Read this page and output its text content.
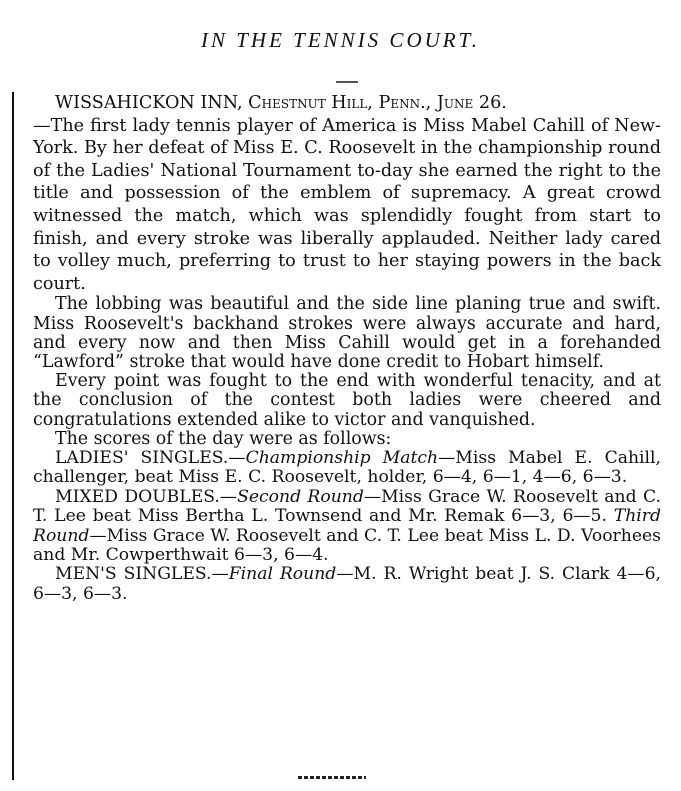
IN THE TENNIS COURT.

WISSAHICKON INN, Chestnut Hill, Penn., June 26.
—The first lady tennis player of America is Miss Mabel Cahill of New-York. By her defeat of Miss E. C. Roosevelt in the championship round of the Ladies' National Tournament to-day she earned the right to the title and possession of the emblem of supremacy. A great crowd witnessed the match, which was splendidly fought from start to finish, and every stroke was liberally applauded. Neither lady cared to volley much, preferring to trust to her staying powers in the back court.

The lobbing was beautiful and the side line planing true and swift. Miss Roosevelt's backhand strokes were always accurate and hard, and every now and then Miss Cahill would get in a forehanded “Lawford” stroke that would have done credit to Hobart himself.

Every point was fought to the end with wonderful tenacity, and at the conclusion of the contest both ladies were cheered and congratulations extended alike to victor and vanquished.

The scores of the day were as follows:

LADIES' SINGLES.—Championship Match—Miss Mabel E. Cahill, challenger, beat Miss E. C. Roosevelt, holder, 6—4, 6—1, 4—6, 6—3.

MIXED DOUBLES.—Second Round—Miss Grace W. Roosevelt and C. T. Lee beat Miss Bertha L. Townsend and Mr. Remak 6—3, 6—5. Third Round—Miss Grace W. Roosevelt and C. T. Lee beat Miss L. D. Voorhees and Mr. Cowperthwait 6—3, 6—4.

MEN'S SINGLES.—Final Round—M. R. Wright beat J. S. Clark 4—6, 6—3, 6—3.
